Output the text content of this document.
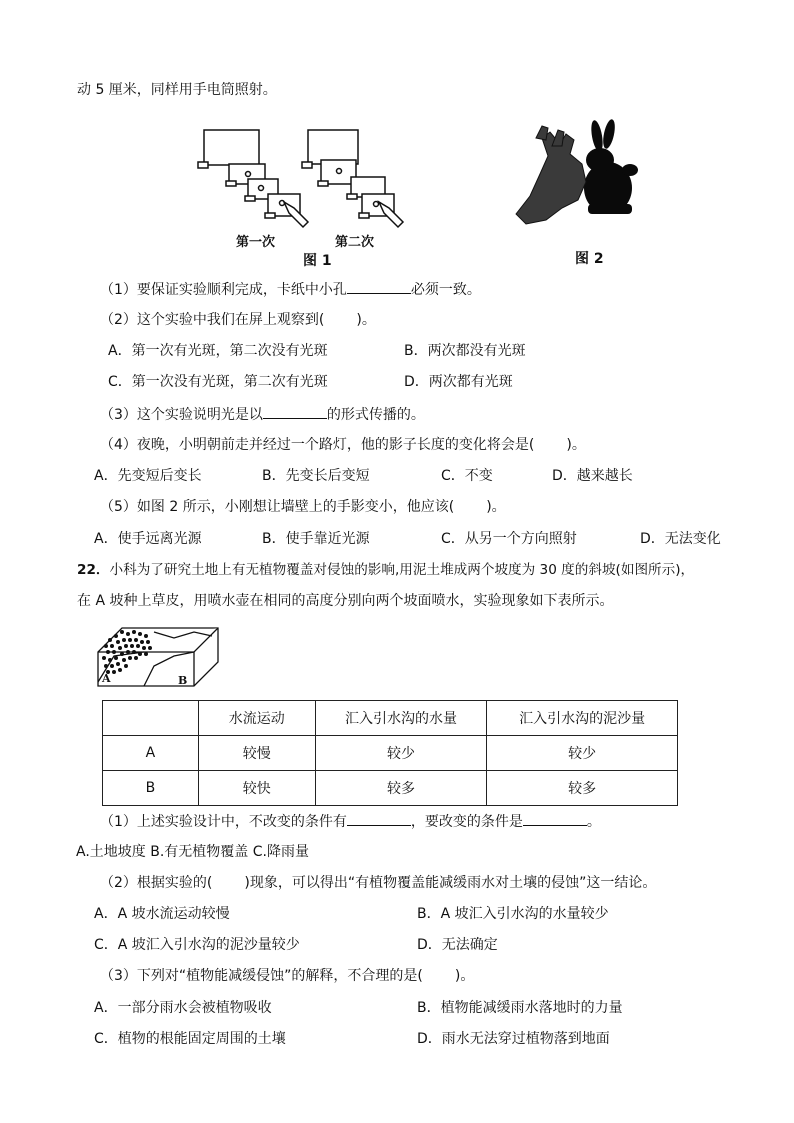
动 5 厘米，同样用手电筒照射。
第一次	第二次
图 1	图 2
（1）要保证实验顺利完成，卡纸中小孔	必须一致。
（2）这个实验中我们在屏上观察到( )。
A．第一次有光斑，第二次没有光斑	B．两次都没有光斑
C．第一次没有光斑，第二次有光斑	D．两次都有光斑
（3）这个实验说明光是以	的形式传播的。
（4）夜晚，小明朝前走并经过一个路灯，他的影子长度的变化将会是( )。
A．先变短后变长	B．先变长后变短	C．不变	D．越来越长
（5）如图 2 所示，小刚想让墙壁上的手影变小，他应该( )。
A．使手远离光源	B．使手靠近光源	C．从另一个方向照射	D．无法变化
22．小科为了研究土地上有无植物覆盖对侵蚀的影响,用泥土堆成两个坡度为 30 度的斜坡(如图所示)，
在 A 坡种上草皮，用喷水壶在相同的高度分别向两个坡面喷水，实验现象如下表所示。
A	B
	水流运动	汇入引水沟的水量	汇入引水沟的泥沙量
A	较慢	较少	较少
B	较快	较多	较多
（1）上述实验设计中，不改变的条件有	，要改变的条件是	。
A.土地坡度 B.有无植物覆盖 C.降雨量
（2）根据实验的( )现象，可以得出“有植物覆盖能减缓雨水对土壤的侵蚀”这一结论。
A．A 坡水流运动较慢	B．A 坡汇入引水沟的水量较少
C．A 坡汇入引水沟的泥沙量较少	D．无法确定
（3）下列对“植物能减缓侵蚀”的解释，不合理的是( )。
A．一部分雨水会被植物吸收	B．植物能减缓雨水落地时的力量
C．植物的根能固定周围的土壤	D．雨水无法穿过植物落到地面
